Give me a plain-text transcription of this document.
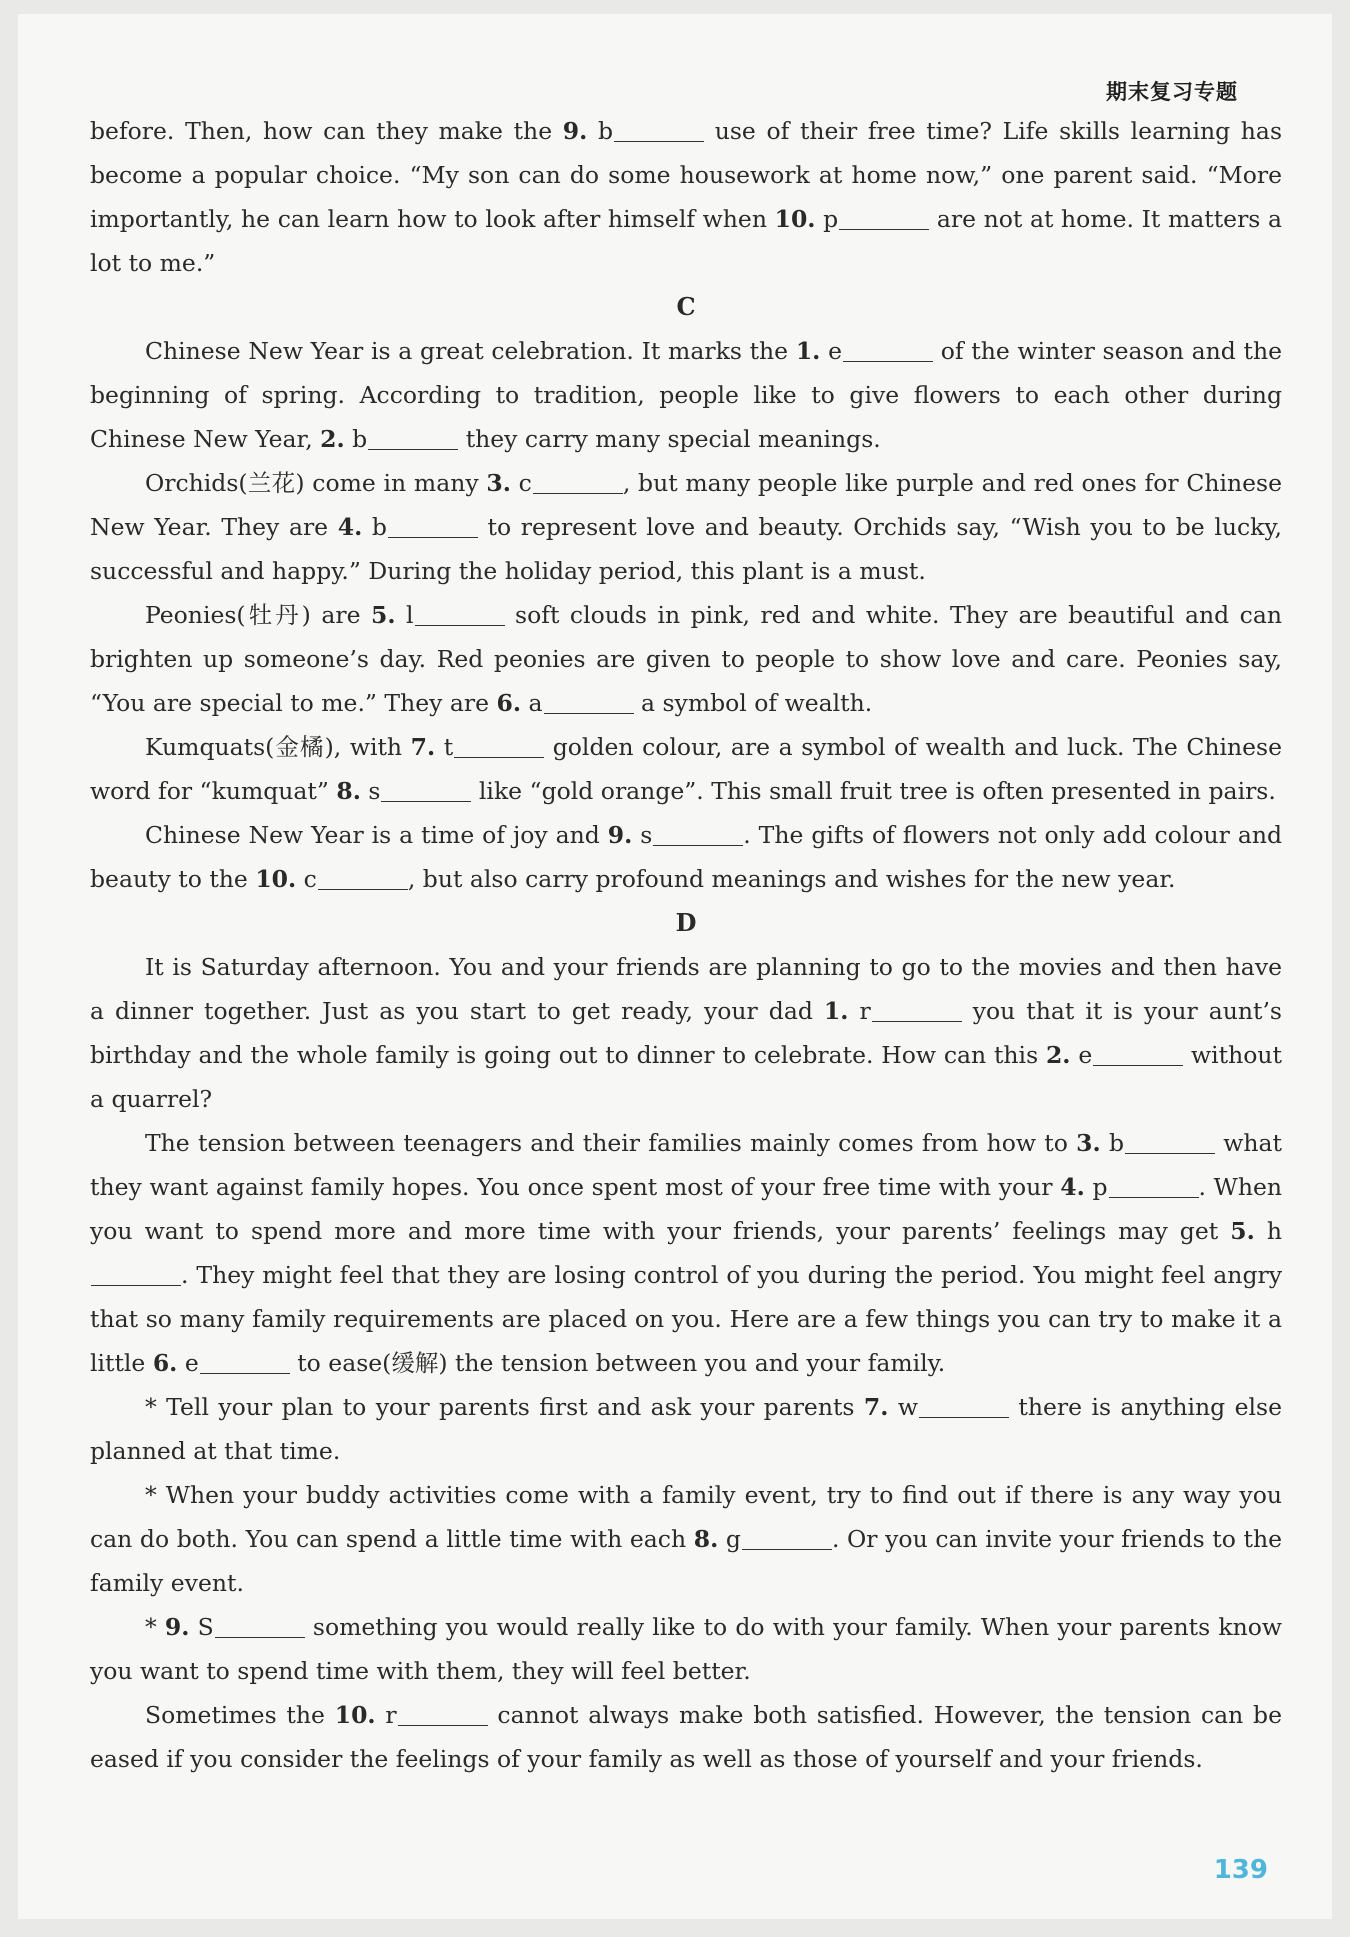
期末复习专题

before. Then, how can they make the 9. b	use of their free time? Life skills learning has become a popular choice. “My son can do some housework at home now,” one parent said. “More importantly, he can learn how to look after himself when 10. p	are not at home. It matters a lot to me.”

C

Chinese New Year is a great celebration. It marks the 1. e	of the winter season and the beginning of spring. According to tradition, people like to give flowers to each other during Chinese New Year, 2. b	they carry many special meanings.

Orchids(兰花) come in many 3. c	, but many people like purple and red ones for Chinese New Year. They are 4. b	to represent love and beauty. Orchids say, “Wish you to be lucky, successful and happy.” During the holiday period, this plant is a must.

Peonies(牡丹) are 5. l	soft clouds in pink, red and white. They are beautiful and can brighten up someone’s day. Red peonies are given to people to show love and care. Peonies say, “You are special to me.” They are 6. a	a symbol of wealth.

Kumquats(金橘), with 7. t	golden colour, are a symbol of wealth and luck. The Chinese word for “kumquat” 8. s	like “gold orange”. This small fruit tree is often presented in pairs.

Chinese New Year is a time of joy and 9. s	. The gifts of flowers not only add colour and beauty to the 10. c	, but also carry profound meanings and wishes for the new year.

D

It is Saturday afternoon. You and your friends are planning to go to the movies and then have a dinner together. Just as you start to get ready, your dad 1. r	you that it is your aunt’s birthday and the whole family is going out to dinner to celebrate. How can this 2. e	without a quarrel?

The tension between teenagers and their families mainly comes from how to 3. b	what they want against family hopes. You once spent most of your free time with your 4. p	. When you want to spend more and more time with your friends, your parents’ feelings may get 5. h. They might feel that they are losing control of you during the period. You might feel angry that so many family requirements are placed on you. Here are a few things you can try to make it a little 6. e	to ease(缓解) the tension between you and your family.

* Tell your plan to your parents first and ask your parents 7. w	there is anything else planned at that time.

* When your buddy activities come with a family event, try to find out if there is any way you can do both. You can spend a little time with each 8. g	. Or you can invite your friends to the family event.

* 9. S	something you would really like to do with your family. When your parents know you want to spend time with them, they will feel better.

Sometimes the 10. r	cannot always make both satisfied. However, the tension can be eased if you consider the feelings of your family as well as those of yourself and your friends.

139
